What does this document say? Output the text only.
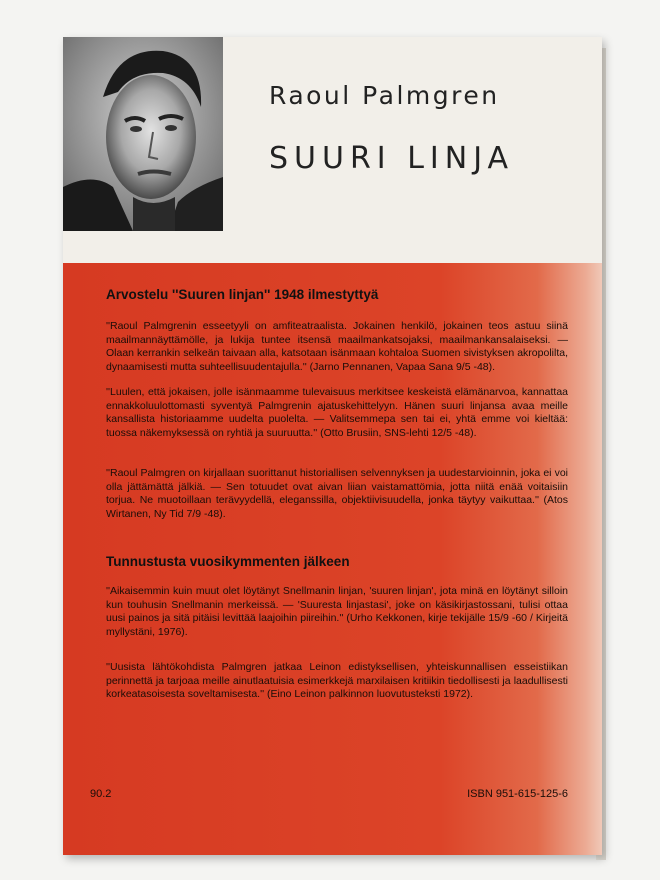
Raoul Palmgren
SUURI LINJA
Arvostelu ''Suuren linjan'' 1948 ilmestyttyä

''Raoul Palmgrenin esseetyyli on amfiteatraalista. Jokainen henkilö, jokainen teos astuu siinä maailmannäyttämölle, ja lukija tuntee itsensä maailmankatsojaksi, maailmankansalaiseksi. — Olaan kerrankin selkeän taivaan alla, katsotaan isänmaan kohtaloa Suomen sivistyksen akropolilta, dynaamisesti mutta suhteellisuudentajulla.'' (Jarno Pennanen, Vapaa Sana 9/5 -48).

''Luulen, että jokaisen, jolle isänmaamme tulevaisuus merkitsee keskeistä elämänarvoa, kannattaa ennakkoluulottomasti syventyä Palmgrenin ajatuskehittelyyn. Hänen suuri linjansa avaa meille kansallista historiaamme uudelta puolelta. — Valitsemmepa sen tai ei, yhtä emme voi kieltää: tuossa näkemyksessä on ryhtiä ja suuruutta.'' (Otto Brusiin, SNS-lehti 12/5 -48).

''Raoul Palmgren on kirjallaan suorittanut historiallisen selvennyksen ja uudestarvioinnin, joka ei voi olla jättämättä jälkiä. — Sen totuudet ovat aivan liian vaistamattömia, jotta niitä enää voitaisiin torjua. Ne muotoillaan terävyydellä, eleganssilla, objektiivisuudella, jonka täytyy vaikuttaa.'' (Atos Wirtanen, Ny Tid 7/9 -48).

Tunnustusta vuosikymmenten jälkeen

''Aikaisemmin kuin muut olet löytänyt Snellmanin linjan, 'suuren linjan', jota minä en löytänyt silloin kun touhusin Snellmanin merkeissä. — 'Suuresta linjastasi', joke on käsikirjastossani, tulisi ottaa uusi painos ja sitä pitäisi levittää laajoihin piireihin.'' (Urho Kekkonen, kirje tekijälle 15/9 -60 / Kirjeitä myllystäni, 1976).

''Uusista lähtökohdista Palmgren jatkaa Leinon edistyksellisen, yhteiskunnallisen esseistiikan perinnettä ja tarjoaa meille ainutlaatuisia esimerkkejä marxilaisen kritiikin tiedollisesti ja laadullisesti korkeatasoisesta soveltamisesta.'' (Eino Leinon palkinnon luovutusteksti 1972).

90.2	ISBN 951-615-125-6
